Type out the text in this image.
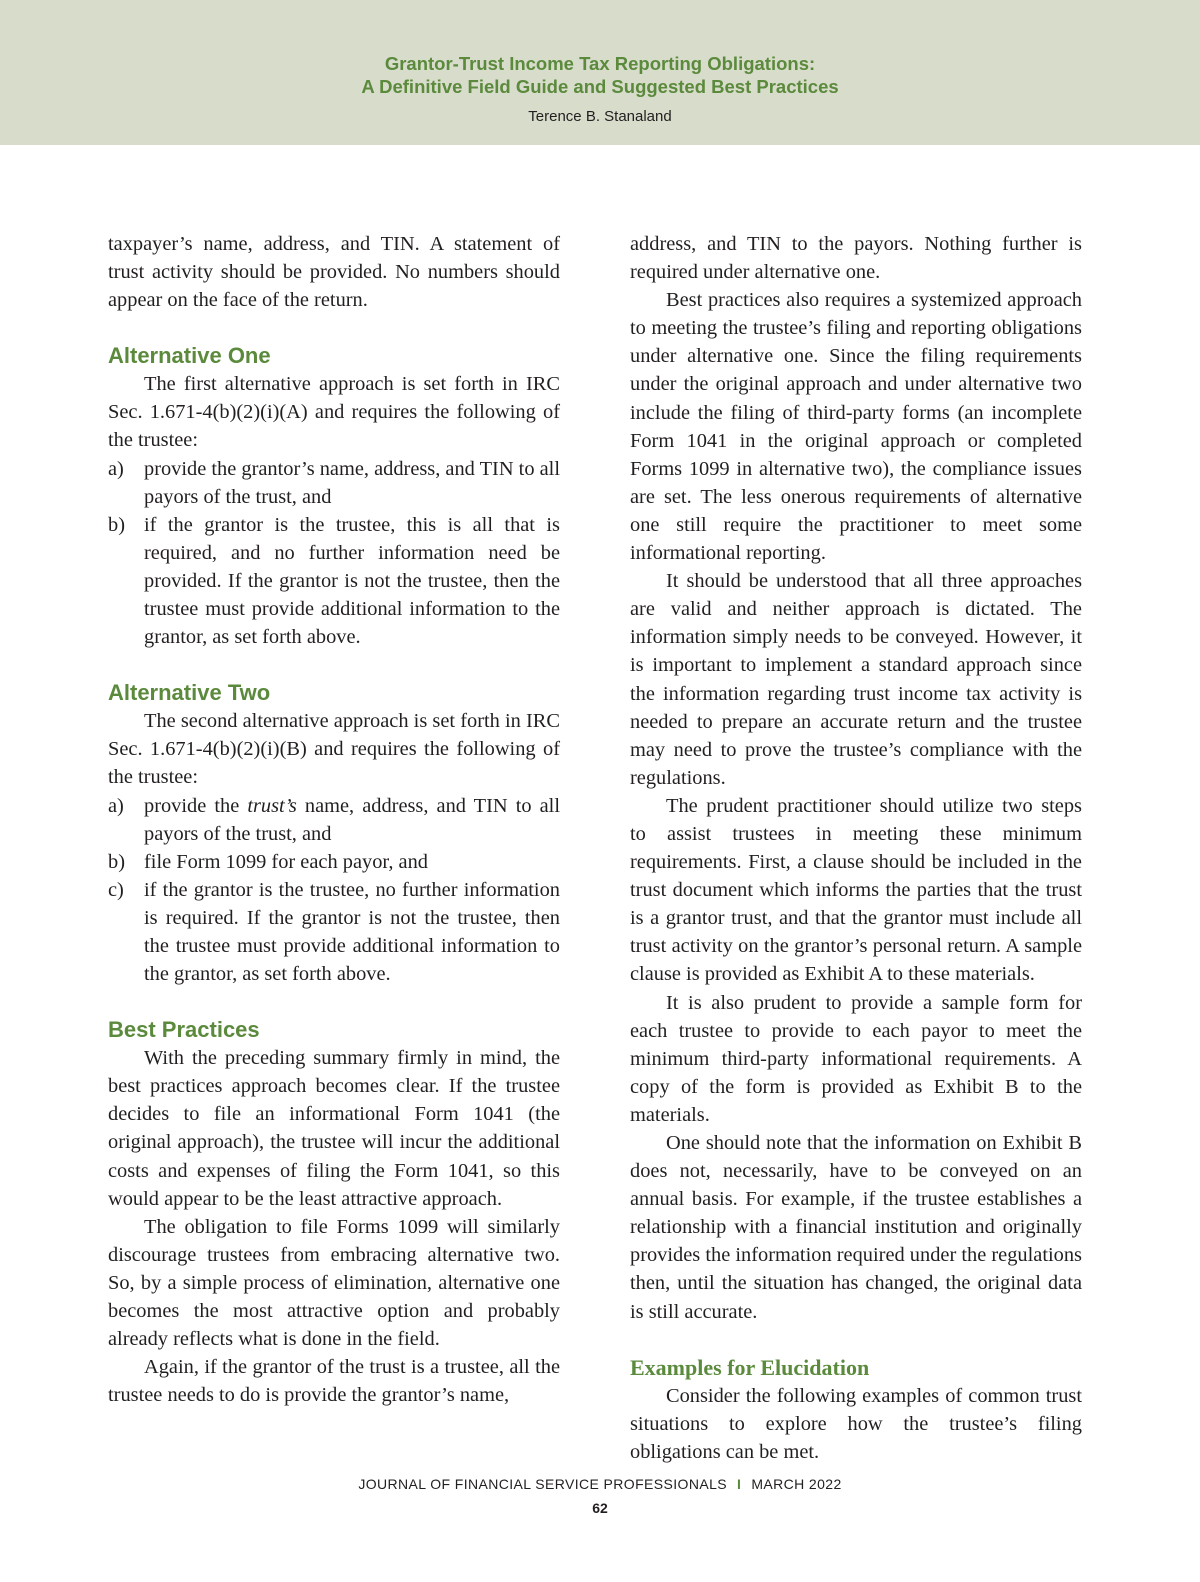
Grantor-Trust Income Tax Reporting Obligations:
A Definitive Field Guide and Suggested Best Practices
Terence B. Stanaland

taxpayer’s name, address, and TIN. A statement of trust activity should be provided. No numbers should appear on the face of the return.

Alternative One

The first alternative approach is set forth in IRC Sec. 1.671-4(b)(2)(i)(A) and requires the following of the trustee:

a) provide the grantor’s name, address, and TIN to all payors of the trust, and
b) if the grantor is the trustee, this is all that is required, and no further information need be provided. If the grantor is not the trustee, then the trustee must provide additional information to the grantor, as set forth above.
Alternative Two

The second alternative approach is set forth in IRC Sec. 1.671-4(b)(2)(i)(B) and requires the following of the trustee:

a) provide the trust’s name, address, and TIN to all payors of the trust, and
b) file Form 1099 for each payor, and
c) if the grantor is the trustee, no further information is required. If the grantor is not the trustee, then the trustee must provide additional information to the grantor, as set forth above.
Best Practices

With the preceding summary firmly in mind, the best practices approach becomes clear. If the trustee decides to file an informational Form 1041 (the original approach), the trustee will incur the additional costs and expenses of filing the Form 1041, so this would appear to be the least attractive approach.

The obligation to file Forms 1099 will similarly discourage trustees from embracing alternative two. So, by a simple process of elimination, alternative one becomes the most attractive option and probably already reflects what is done in the field.

Again, if the grantor of the trust is a trustee, all the trustee needs to do is provide the grantor’s name,

address, and TIN to the payors. Nothing further is required under alternative one.

Best practices also requires a systemized approach to meeting the trustee’s filing and reporting obligations under alternative one. Since the filing requirements under the original approach and under alternative two include the filing of third-party forms (an incomplete Form 1041 in the original approach or completed Forms 1099 in alternative two), the compliance issues are set. The less onerous requirements of alternative one still require the practitioner to meet some informational reporting.

It should be understood that all three approaches are valid and neither approach is dictated. The information simply needs to be conveyed. However, it is important to implement a standard approach since the information regarding trust income tax activity is needed to prepare an accurate return and the trustee may need to prove the trustee’s compliance with the regulations.

The prudent practitioner should utilize two steps to assist trustees in meeting these minimum requirements. First, a clause should be included in the trust document which informs the parties that the trust is a grantor trust, and that the grantor must include all trust activity on the grantor’s personal return. A sample clause is provided as Exhibit A to these materials.

It is also prudent to provide a sample form for each trustee to provide to each payor to meet the minimum third-party informational requirements. A copy of the form is provided as Exhibit B to the materials.

One should note that the information on Exhibit B does not, necessarily, have to be conveyed on an annual basis. For example, if the trustee establishes a relationship with a financial institution and originally provides the information required under the regulations then, until the situation has changed, the original data is still accurate.

Examples for Elucidation

Consider the following examples of common trust situations to explore how the trustee’s filing obligations can be met.

JOURNAL OF FINANCIAL SERVICE PROFESSIONALS I MARCH 2022
62
